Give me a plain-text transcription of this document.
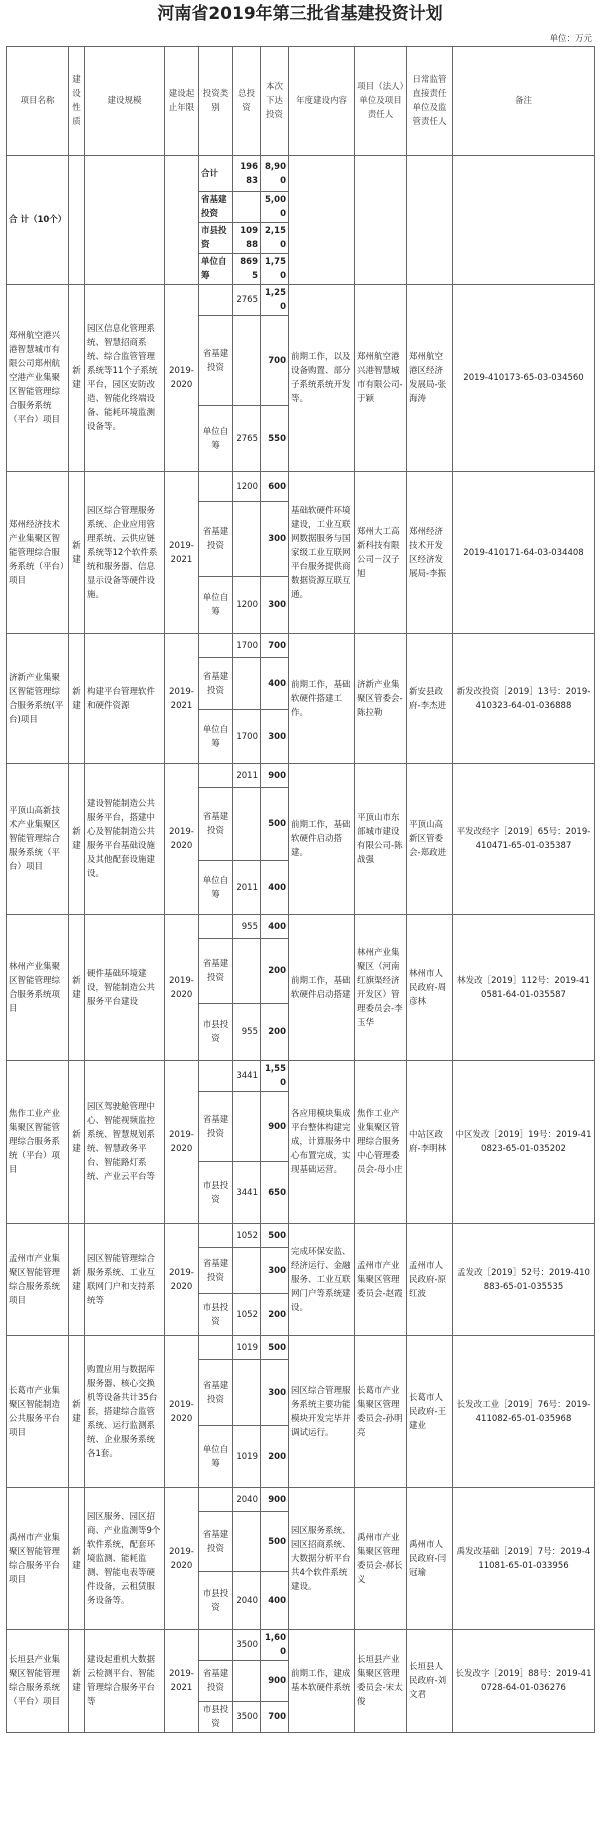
河南省2019年第三批省基建投资计划
单位：万元
项目名称	建设性质	建设规模	建设起止年限	投资类别	总投资	本次下达投资	年度建设内容	项目（法人）单位及项目责任人	日常监管直接责任单位及监管责任人	备注
合 计（10个）				合计	19683	8,900				
				省基建投资		5,000				
				市县投资	10988	2,150				
				单位自筹	8695	1,750				
郑州航空港兴港智慧城市有限公司郑州航空港产业集聚区智能管理综合服务系统（平台）项目	新建	园区信息化管理系统、智慧招商系统、综合监管管理系统等11个子系统平台，园区安防改造、智能化终端设备、能耗环境监测设备等。	2019-2020		2765	1,250	前期工作，以及设备购置、部分子系统系统开发等。	郑州航空港兴港智慧城市有限公司-于颖	郑州航空港区经济发展局-张海涛	2019-410173-65-03-034560
				省基建投资		700				
				单位自筹	2765	550				
郑州经济技术产业集聚区智能管理综合服务系统（平台）项目	新建	园区综合管理服务系统、企业应用管理系统、云供应链系统等12个软件系统和服务器、信息显示设备等硬件设施。	2019-2021		1200	600	基础软硬件环境建设，工业互联网数据服务与国家级工业互联网平台服务提供商数据资源互联互通。	郑州大工高新科技有限公司－汉子旭	郑州经济技术开发区经济发展局-李振	2019-410171-64-03-034408
				省基建投资		300				
				单位自筹	1200	300				
济新产业集聚区智能管理综合服务系统(平台)项目	新建	构建平台管理软件和硬件资源	2019-2021		1700	700	前期工作，基础软硬件搭建工作。	济新产业集聚区管委会-陈拉勒	新安县政府-李杰进	新发改投资［2019］13号：2019-410323-64-01-036888
				省基建投资		400				
				单位自筹	1700	300				
平顶山高新技术产业集聚区智能管理综合服务系统（平台）项目	新建	建设智能制造公共服务平台，搭建中心及智能制造公共服务平台基础设施及其他配套设施建设。	2019-2020		2011	900	前期工作，基础软硬件启动搭建。	平顶山市东部城市建设有限公司-陈战强	平顶山高新区管委会-郑政进	平发改经字［2019］65号：2019-410471-65-01-035387
				省基建投资		500				
				单位自筹	2011	400				
林州产业集聚区智能管理综合服务系统项目	新建	硬件基础环境建设，智能制造公共服务平台建设	2019-2020		955	400	前期工作，基础软硬件启动搭建	林州产业集聚区（河南红旗渠经济开发区）管理委员会-李玉华	林州市人民政府-周彦林	林发改［2019］112号：2019-410581-64-01-035587
				省基建投资		200				
				市县投资	955	200				
焦作工业产业集聚区智能管理综合服务系统（平台）项目	新建	园区驾驶舱管理中心、智能视频监控系统、智慧规划系统、智慧政务平台、智能路灯系统、产业云平台等	2019-2020		3441	1,550	各应用模块集成平台整体构建完成，计算服务中心布置完成，实现基础运营。	焦作工业产业集聚区管理综合服务中心管理委员会-母小庄	中站区政府-李明林	中区发改［2019］19号：2019-410823-65-01-035202
				省基建投资		900				
				市县投资	3441	650				
孟州市产业集聚区智能管理综合服务系统项目	新建	园区智能管理综合服务系统、工业互联网门户和支持系统等	2019-2020		1052	500	完成环保安监、经济运行、金融服务、工业互联网门户等系统建设。	孟州市产业集聚区管理委员会-赵霞	孟州市人民政府-原红波	孟发改［2019］52号：2019-410883-65-01-035535
				省基建投资		300				
				市县投资	1052	200				
长葛市产业集聚区智能制造公共服务平台项目	新建	购置应用与数据库服务器、核心交换机等设备共计35台套，搭建综合监管系统、运行监测系统、企业服务系统各1套。	2019-2020		1019	500	园区综合管理服务系统主要功能模块开发完毕并调试运行。	长葛市产业集聚区管理委员会-孙明亮	长葛市人民政府-王建业	长发改工业［2019］76号：2019-411082-65-01-035968
				省基建投资		300				
				单位自筹	1019	200				
禹州市产业集聚区智能管理综合服务平台项目	新建	园区服务、园区招商、产业监测等9个软件系统，配套环境监测、能耗监测、智能电表等硬件设备，云租赁服务设备等。	2019-2020		2040	900	园区服务系统、园区招商系统、大数据分析平台共4个软件系统建设。	禹州市产业集聚区管理委员会-郝长义	禹州市人民政府-闫冠瑜	禹发改基础［2019］7号：2019-411081-65-01-033956
				省基建投资		500				
				市县投资	2040	400				
长垣县产业集聚区智能管理综合服务系统（平台）项目	新建	建设起重机大数据云检测平台、智能管理综合服务平台等	2019-2021		3500	1,600	前期工作，建成基本软硬件系统	长垣县产业集聚区管理委员会-宋太俊	长垣县人民政府-刘文君	长发改字［2019］88号：2019-410728-64-01-036276
				省基建投资		900				
				市县投资	3500	700				
